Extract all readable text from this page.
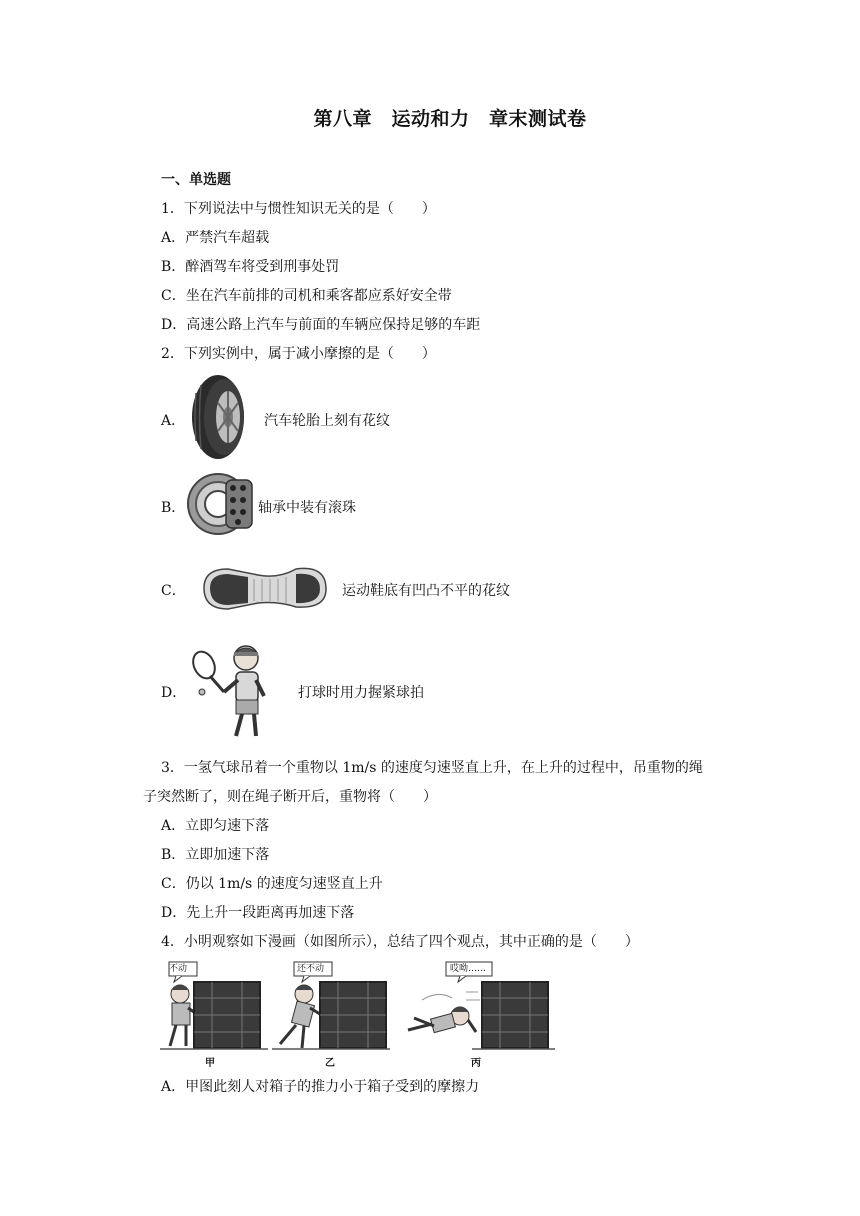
第八章　运动和力　章末测试卷
一、单选题
1．下列说法中与惯性知识无关的是（　　）
A．严禁汽车超载
B．醉酒驾车将受到刑事处罚
C．坐在汽车前排的司机和乘客都应系好安全带
D．高速公路上汽车与前面的车辆应保持足够的车距
2．下列实例中，属于减小摩擦的是（　　）
A．	汽车轮胎上刻有花纹
B．	轴承中装有滚珠
C．	运动鞋底有凹凸不平的花纹
D．	打球时用力握紧球拍
3．一氢气球吊着一个重物以 1m/s 的速度匀速竖直上升，在上升的过程中，吊重物的绳
子突然断了，则在绳子断开后，重物将（　　）
A．立即匀速下落
B．立即加速下落
C．仍以 1m/s 的速度匀速竖直上升
D．先上升一段距离再加速下落
4．小明观察如下漫画（如图所示），总结了四个观点，其中正确的是（　　）
不动
甲
还不动
乙
哎呦……
丙
A．甲图此刻人对箱子的推力小于箱子受到的摩擦力
